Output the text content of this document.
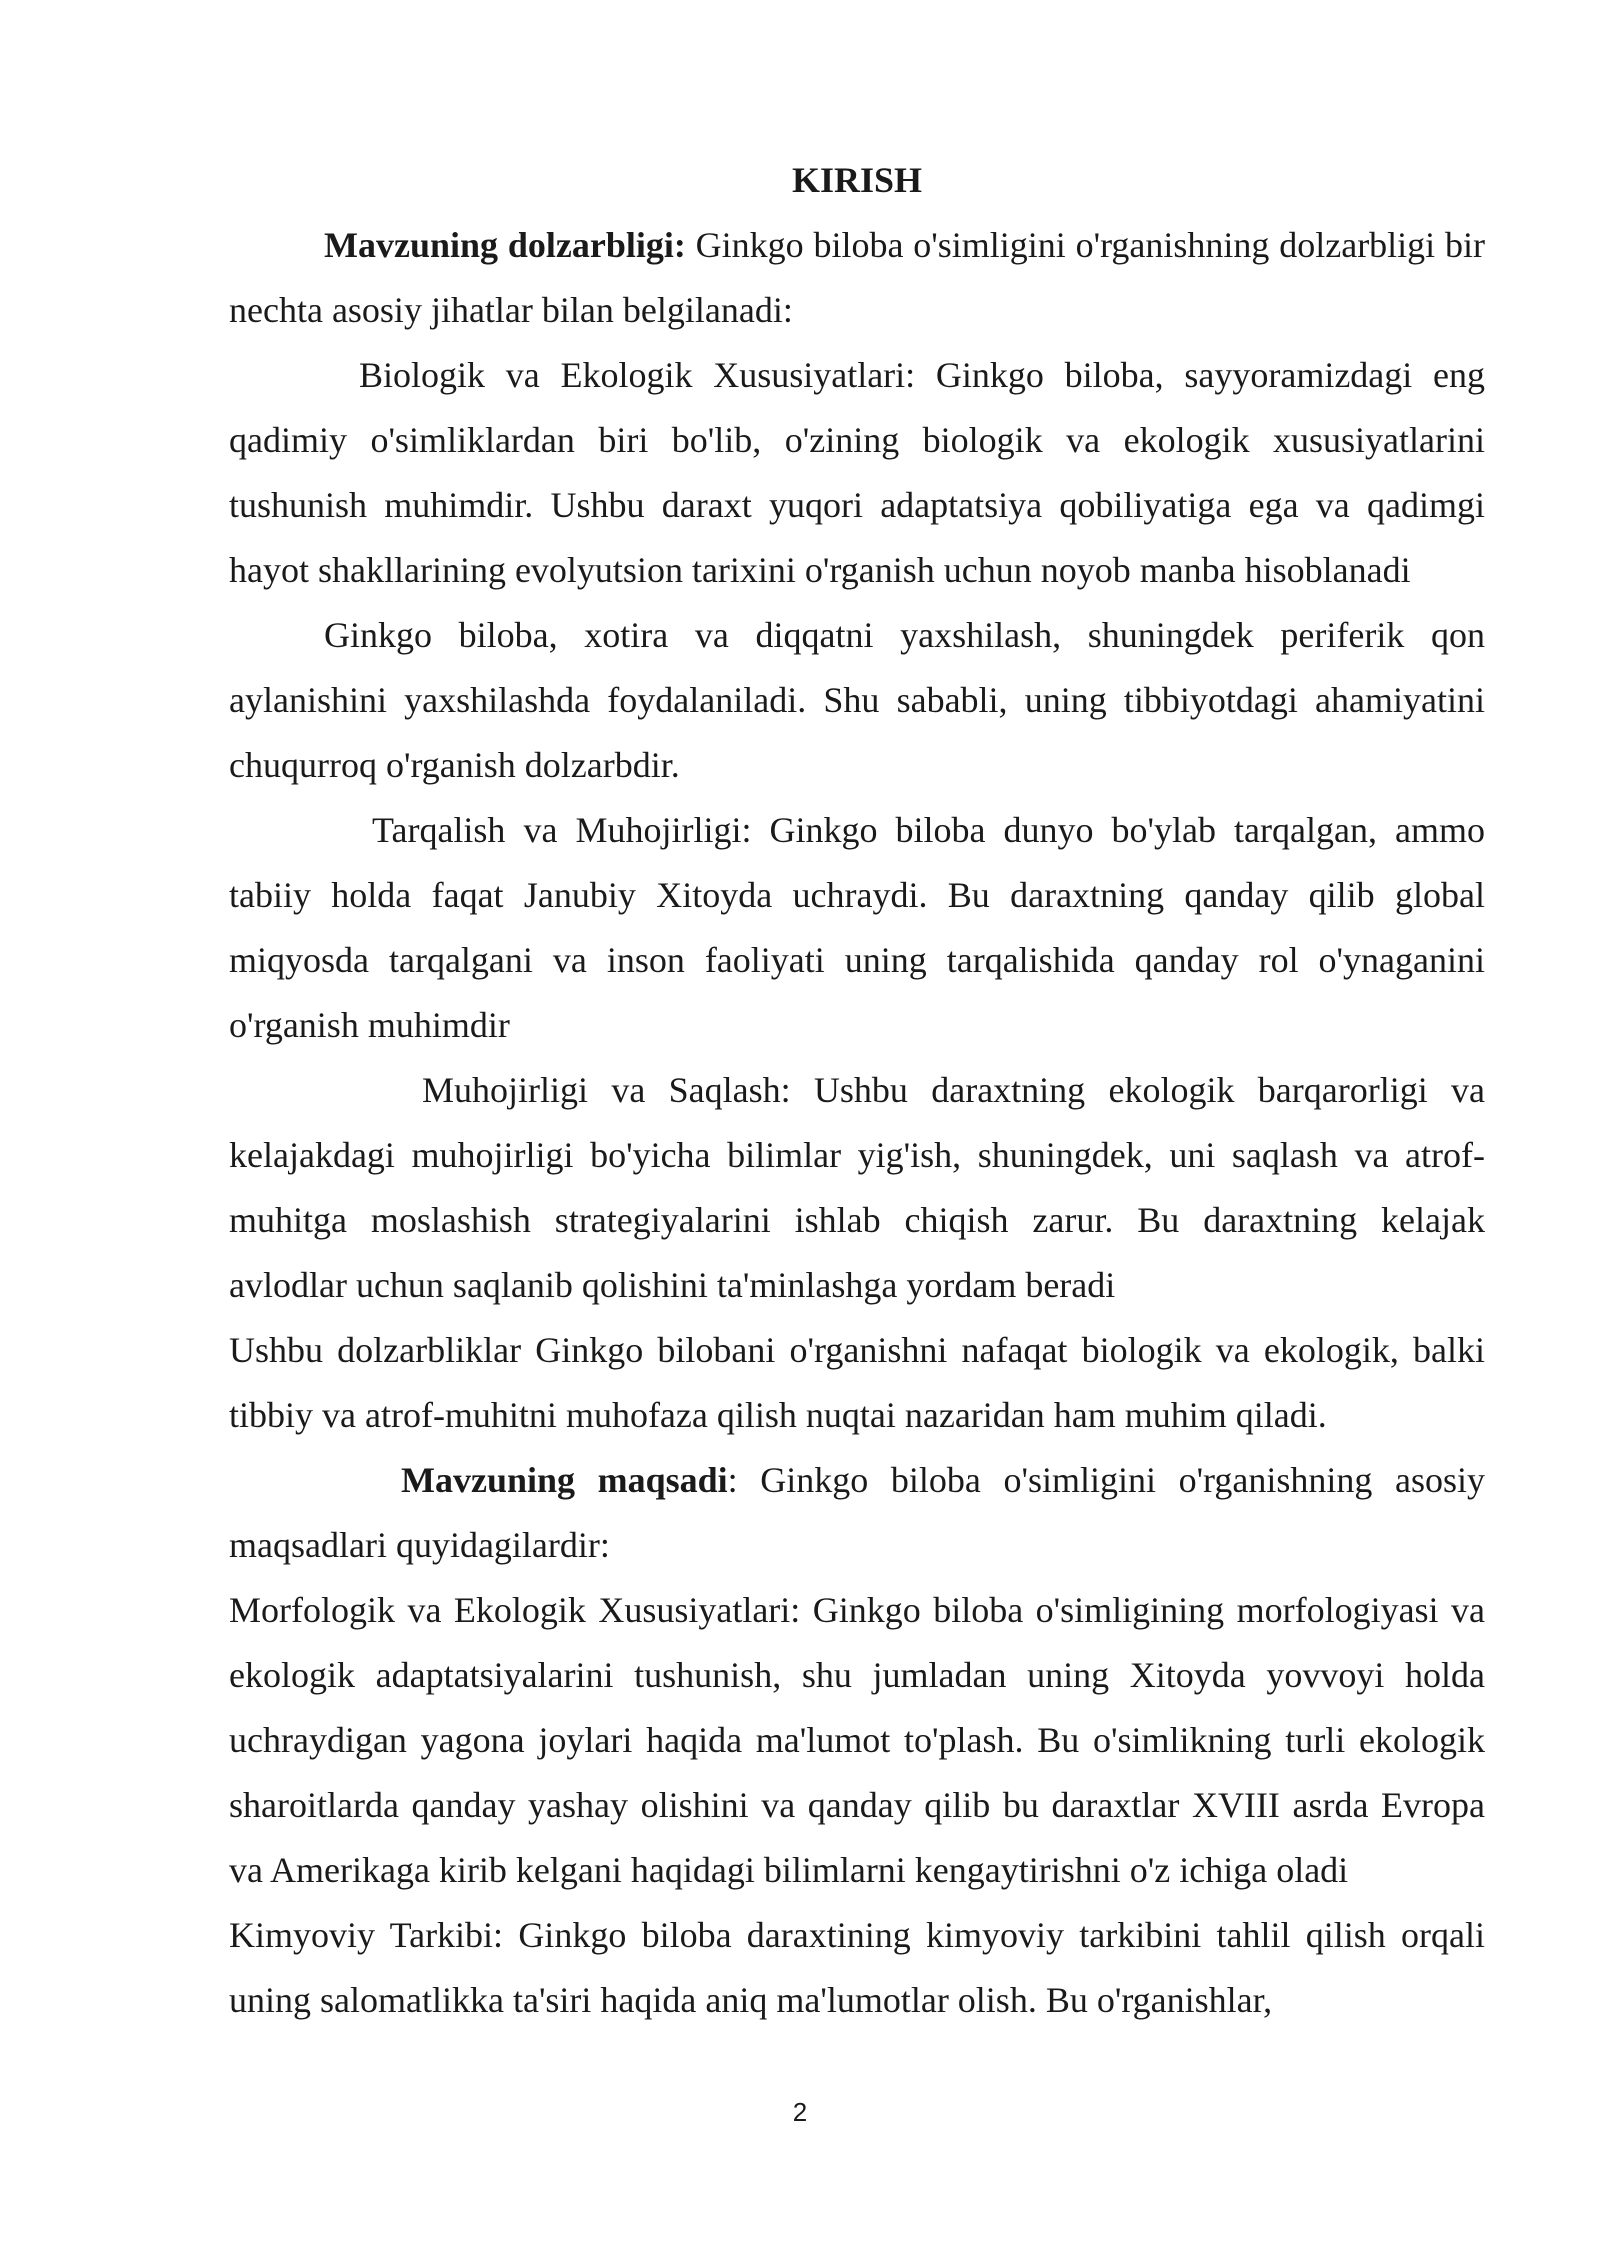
KIRISH

Mavzuning dolzarbligi: Ginkgo biloba o'simligini o'rganishning dolzarbligi bir nechta asosiy jihatlar bilan belgilanadi:

Biologik va Ekologik Xususiyatlari: Ginkgo biloba, sayyoramizdagi eng qadimiy o'simliklardan biri bo'lib, o'zining biologik va ekologik xususiyatlarini tushunish muhimdir. Ushbu daraxt yuqori adaptatsiya qobiliyatiga ega va qadimgi hayot shakllarining evolyutsion tarixini o'rganish uchun noyob manba hisoblanadi

Ginkgo biloba, xotira va diqqatni yaxshilash, shuningdek periferik qon aylanishini yaxshilashda foydalaniladi. Shu sababli, uning tibbiyotdagi ahamiyatini chuqurroq o'rganish dolzarbdir.

Tarqalish va Muhojirligi: Ginkgo biloba dunyo bo'ylab tarqalgan, ammo tabiiy holda faqat Janubiy Xitoyda uchraydi. Bu daraxtning qanday qilib global miqyosda tarqalgani va inson faoliyati uning tarqalishida qanday rol o'ynaganini o'rganish muhimdir

Muhojirligi va Saqlash: Ushbu daraxtning ekologik barqarorligi va kelajakdagi muhojirligi bo'yicha bilimlar yig'ish, shuningdek, uni saqlash va atrof-muhitga moslashish strategiyalarini ishlab chiqish zarur. Bu daraxtning kelajak avlodlar uchun saqlanib qolishini ta'minlashga yordam beradi

Ushbu dolzarbliklar Ginkgo bilobani o'rganishni nafaqat biologik va ekologik, balki tibbiy va atrof-muhitni muhofaza qilish nuqtai nazaridan ham muhim qiladi.

Mavzuning maqsadi: Ginkgo biloba o'simligini o'rganishning asosiy maqsadlari quyidagilardir:

Morfologik va Ekologik Xususiyatlari: Ginkgo biloba o'simligining morfologiyasi va ekologik adaptatsiyalarini tushunish, shu jumladan uning Xitoyda yovvoyi holda uchraydigan yagona joylari haqida ma'lumot to'plash. Bu o'simlikning turli ekologik sharoitlarda qanday yashay olishini va qanday qilib bu daraxtlar XVIII asrda Evropa va Amerikaga kirib kelgani haqidagi bilimlarni kengaytirishni o'z ichiga oladi

Kimyoviy Tarkibi: Ginkgo biloba daraxtining kimyoviy tarkibini tahlil qilish orqali uning salomatlikka ta'siri haqida aniq ma'lumotlar olish. Bu o'rganishlar,

2
